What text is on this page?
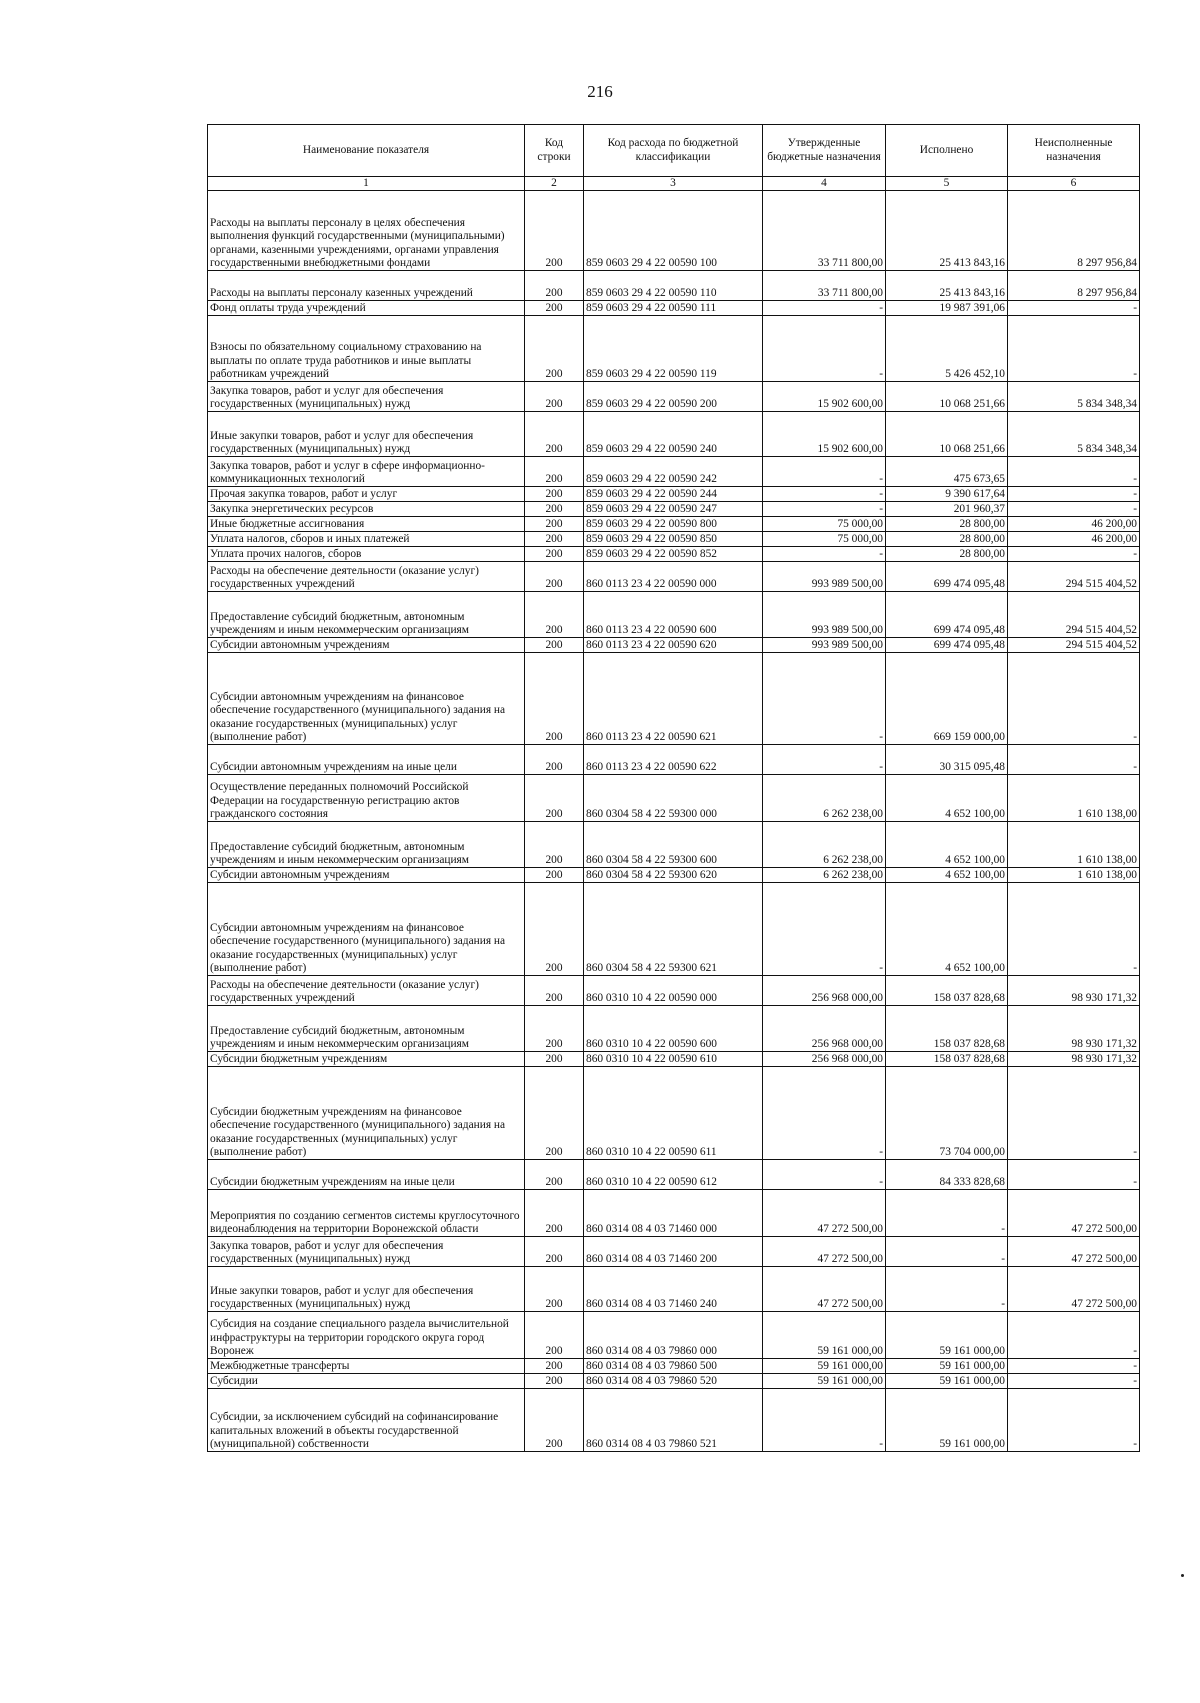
216
Наименование показателя	Код строки	Код расхода по бюджетной классификации	Утвержденные бюджетные назначения	Исполнено	Неисполненные назначения
1	2	3	4	5	6
Расходы на выплаты персоналу в целях обеспечения выполнения функций государственными (муниципальными) органами, казенными учреждениями, органами управления государственными внебюджетными фондами	200	859 0603 29 4 22 00590 100	33 711 800,00	25 413 843,16	8 297 956,84
Расходы на выплаты персоналу казенных учреждений	200	859 0603 29 4 22 00590 110	33 711 800,00	25 413 843,16	8 297 956,84
Фонд оплаты труда учреждений	200	859 0603 29 4 22 00590 111	-	19 987 391,06	-
Взносы по обязательному социальному страхованию на выплаты по оплате труда работников и иные выплаты работникам учреждений	200	859 0603 29 4 22 00590 119	-	5 426 452,10	-
Закупка товаров, работ и услуг для обеспечения государственных (муниципальных) нужд	200	859 0603 29 4 22 00590 200	15 902 600,00	10 068 251,66	5 834 348,34
Иные закупки товаров, работ и услуг для обеспечения государственных (муниципальных) нужд	200	859 0603 29 4 22 00590 240	15 902 600,00	10 068 251,66	5 834 348,34
Закупка товаров, работ и услуг в сфере информационно-коммуникационных технологий	200	859 0603 29 4 22 00590 242	-	475 673,65	-
Прочая закупка товаров, работ и услуг	200	859 0603 29 4 22 00590 244	-	9 390 617,64	-
Закупка энергетических ресурсов	200	859 0603 29 4 22 00590 247	-	201 960,37	-
Иные бюджетные ассигнования	200	859 0603 29 4 22 00590 800	75 000,00	28 800,00	46 200,00
Уплата налогов, сборов и иных платежей	200	859 0603 29 4 22 00590 850	75 000,00	28 800,00	46 200,00
Уплата прочих налогов, сборов	200	859 0603 29 4 22 00590 852	-	28 800,00	-
Расходы на обеспечение деятельности (оказание услуг) государственных учреждений	200	860 0113 23 4 22 00590 000	993 989 500,00	699 474 095,48	294 515 404,52
Предоставление субсидий бюджетным, автономным учреждениям и иным некоммерческим организациям	200	860 0113 23 4 22 00590 600	993 989 500,00	699 474 095,48	294 515 404,52
Субсидии автономным учреждениям	200	860 0113 23 4 22 00590 620	993 989 500,00	699 474 095,48	294 515 404,52
Субсидии автономным учреждениям на финансовое обеспечение государственного (муниципального) задания на оказание государственных (муниципальных) услуг (выполнение работ)	200	860 0113 23 4 22 00590 621	-	669 159 000,00	-
Субсидии автономным учреждениям на иные цели	200	860 0113 23 4 22 00590 622	-	30 315 095,48	-
Осуществление переданных полномочий Российской Федерации на государственную регистрацию актов гражданского состояния	200	860 0304 58 4 22 59300 000	6 262 238,00	4 652 100,00	1 610 138,00
Предоставление субсидий бюджетным, автономным учреждениям и иным некоммерческим организациям	200	860 0304 58 4 22 59300 600	6 262 238,00	4 652 100,00	1 610 138,00
Субсидии автономным учреждениям	200	860 0304 58 4 22 59300 620	6 262 238,00	4 652 100,00	1 610 138,00
Субсидии автономным учреждениям на финансовое обеспечение государственного (муниципального) задания на оказание государственных (муниципальных) услуг (выполнение работ)	200	860 0304 58 4 22 59300 621	-	4 652 100,00	-
Расходы на обеспечение деятельности (оказание услуг) государственных учреждений	200	860 0310 10 4 22 00590 000	256 968 000,00	158 037 828,68	98 930 171,32
Предоставление субсидий бюджетным, автономным учреждениям и иным некоммерческим организациям	200	860 0310 10 4 22 00590 600	256 968 000,00	158 037 828,68	98 930 171,32
Субсидии бюджетным учреждениям	200	860 0310 10 4 22 00590 610	256 968 000,00	158 037 828,68	98 930 171,32
Субсидии бюджетным учреждениям на финансовое обеспечение государственного (муниципального) задания на оказание государственных (муниципальных) услуг (выполнение работ)	200	860 0310 10 4 22 00590 611	-	73 704 000,00	-
Субсидии бюджетным учреждениям на иные цели	200	860 0310 10 4 22 00590 612	-	84 333 828,68	-
Мероприятия по созданию сегментов системы круглосуточного видеонаблюдения на территории Воронежской области	200	860 0314 08 4 03 71460 000	47 272 500,00	-	47 272 500,00
Закупка товаров, работ и услуг для обеспечения государственных (муниципальных) нужд	200	860 0314 08 4 03 71460 200	47 272 500,00	-	47 272 500,00
Иные закупки товаров, работ и услуг для обеспечения государственных (муниципальных) нужд	200	860 0314 08 4 03 71460 240	47 272 500,00	-	47 272 500,00
Субсидия на создание специального раздела вычислительной инфраструктуры на территории городского округа город Воронеж	200	860 0314 08 4 03 79860 000	59 161 000,00	59 161 000,00	-
Межбюджетные трансферты	200	860 0314 08 4 03 79860 500	59 161 000,00	59 161 000,00	-
Субсидии	200	860 0314 08 4 03 79860 520	59 161 000,00	59 161 000,00	-
Субсидии, за исключением субсидий на софинансирование капитальных вложений в объекты государственной (муниципальной) собственности	200	860 0314 08 4 03 79860 521	-	59 161 000,00	-
